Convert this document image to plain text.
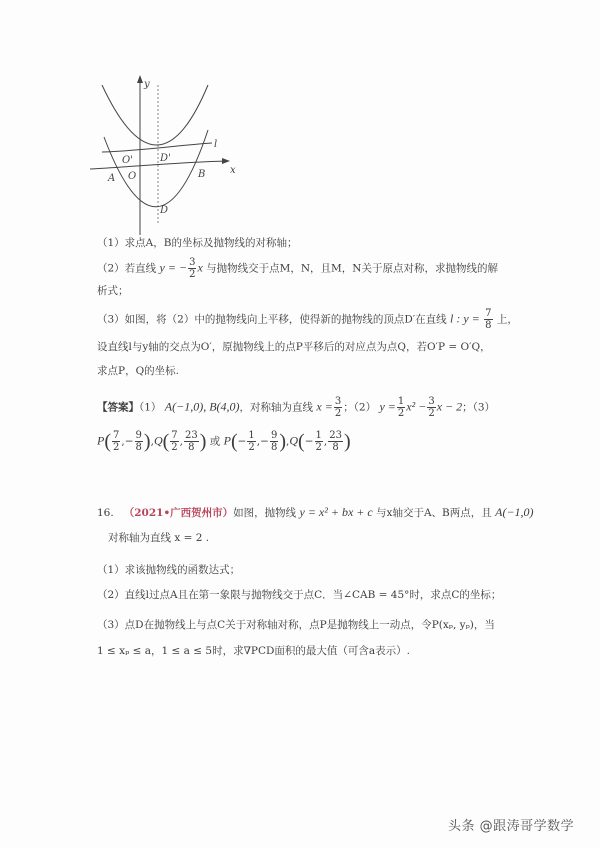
y
x
l
O'	D'
O
A	B
D
（1）求点A，B的坐标及抛物线的对称轴；
（2）若直线 y = − $\frac{3}{2}$ x 与抛物线交于点M，N，且M，N关于原点对称，求抛物线的解
析式；
（3）如图，将（2）中的抛物线向上平移，使得新的抛物线的顶点D′在直线 l : $y = \frac{7}{8}$ 上，
设直线l与y轴的交点为O′，原抛物线上的点P平移后的对应点为点Q，若O′P = O′Q，
求点P，Q的坐标.
【答案】（1） A(−1,0), B(4,0)，对称轴为直线 $x = \frac{3}{2}$ ；（2） $y = \frac{1}{2} x^2 - \frac{3}{2}$ x − 2；（3）
$P( \frac{7}{2}$ ,− $\frac{9}{8} ),Q( \frac{7}{2}$ , $\frac{23}{8}$ ) 或 $P(- \frac{1}{2}$ ,− $\frac{9}{8} ),Q(- \frac{1}{2}$ , $\frac{23}{8}$ )
16. （2021•广西贺州市）如图，抛物线 y = x² + bx + c 与x轴交于A、B两点，且 A(−1,0)
对称轴为直线 x = 2 .
（1）求该抛物线的函数达式；
（2）直线l过点A且在第一象限与抛物线交于点C．当∠CAB = 45°时，求点C的坐标；
（3）点D在抛物线上与点C关于对称轴对称，点P是抛物线上一动点，令P(xₚ, yₚ)，当
1 ≤ xₚ ≤ a，1 ≤ a ≤ 5时，求∇PCD面积的最大值（可含a表示）.
头条 @跟涛哥学数学
